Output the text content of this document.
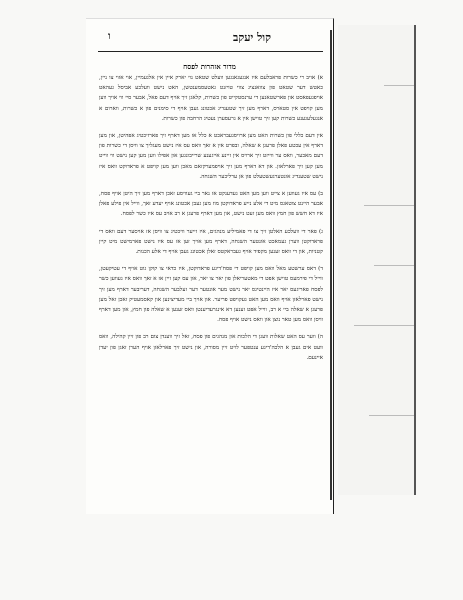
ו	קול יעקב
מדור אזהרות לפסח

א) אויב רי כשרות פראבלעם איז אנגעגאנגען וועלט שטאט נוי יארק איין אין אלגעמיין, אוי אזוי צו ניין, כאטש דער שטאט פון צוואנציג צווי טויזנט גאטעסמענטשן, האט נישט וועלכע אביסל געהאט אויפגעפאסט און פארשטאנען די ערנסטקייט פון כשרות, קלאגן זיך אויף דעם פאל, אבער סיי ווי אויך ווען מען קויפט אין סטארס, דארף מען זיך שטענדיג אכטונג געבן אויף די סימנים פון א כשרות, ווארום א אנגעלעגענע כשרות קען זיך טוישן אין א גרעסערן נעטיג הרחבה פון כשרות.

אין דעם כללי פון כשרות האט מען ארויסגעבראכט א כלל אז מען דארף זיך פארזיכטיג אפהיטן, און מען דארף אין עכטע פאלן פרעגן א שאלה, ובפרט אין א זאך וואס עס איז נישט מעגליך צו וויסן די כשרות פון דעם מאכער, וואס ער ווייזט זיך ארויס אין זיינע אייגענע שרייבונגען און אפילו ווען מען קען נישט ווי ווייט מען קען זיך פארלאזן. און דא דארף מען זיך אויפמערקזאם מאכן ווען מען קויפט א פראדוקט וואס איז נישט שטענדיג אונטערגעשטעלט פון אן ערליכער השגחה.

ב) עס איז געווען א צייט ווען מען האט געדענקט אז נאר ביי געוויסע זאכן דארף מען זיך היטן אויף פסח, אבער היינט צוטאגס מיט די אלע נייע פראדוקטן מוז מען געבן אכטונג אויף יעדע זאך, ווייל אין פילע פאלן איז דא חשש פון חמץ וואס מען זעט נישט, און מען דארף פרעגן א רב אויב עס איז כשר לפסח.

ג) פאר די וועלכע האלטן זיך צו די פאמיליע מנהגים, איז זייער וויכטיג צו וויסן אז אויסער דעם וואס די פראדוקטן ווערן געמאכט אונטער השגחה, דארף מען אויך זען אז עס איז נישט פארמישט מיט קיין קטניות, און די וואס זענען מקפיד אויף געבראקטס זאלן אכטונג געבן אויף די אלע הכנות.

ד) דאס ערשטע מאל וואס מען קויפט די פסח'דיגע פראדוקטן, איז כדאי צו קוקן גוט אויף די עטיקעטן, ווייל די פירמעס טוישן אפט די מאטעריאלן פון יאר צו יאר, און עס קען זיין אז א זאך וואס איז געווען כשר לפסח פאריגעס יאר איז היינטיגס יאר נישט מער אונטער דער זעלבער השגחה, דעריבער דארף מען זיך נישט פארלאזן אויף וואס מען האט געקויפט פריער. און אויך ביי מעדיצינען און קאסמעטיק זאכן זאל מען פרעגן א שאלה ביי א רב, ווייל אפט זענען דא אינגרעדיענטן וואס זענען א שאלה פון חמץ, און מען דארף וויסן וואס מען טאר נוצן און וואס נישט אויף פסח.

ה) ווער עס האט שאלות וועגן די הלכות און מנהגים פון פסח, זאל זיך ווענדן צום רב פון זיין קהילה, וואס וועט אים געבן א הלכה'דיגע ענטפער לויט זיין מסורה, און נישט זיך פארלאזן אויף הערן זאגן פון יעדן איינעם.
